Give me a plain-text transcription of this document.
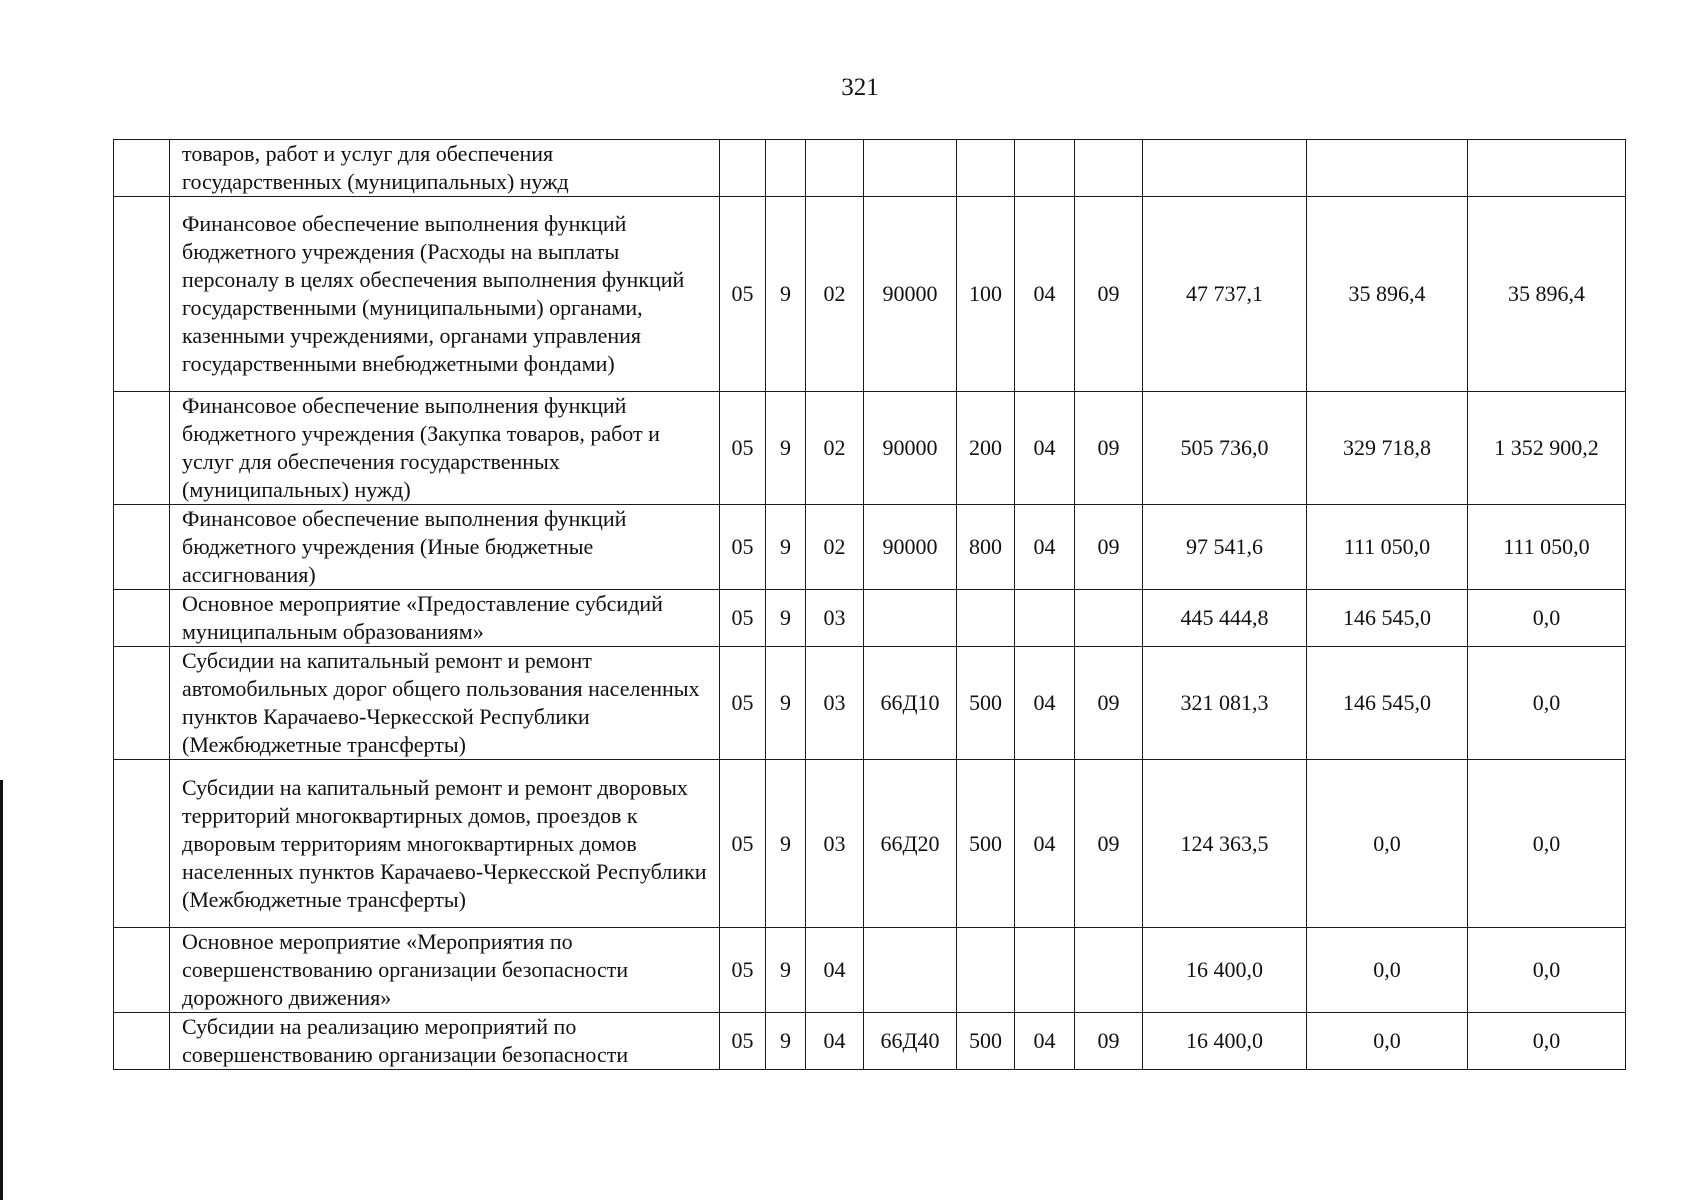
321
	товаров, работ и услуг для обеспечения государственных (муниципальных) нужд										
	Финансовое обеспечение выполнения функций бюджетного учреждения (Расходы на выплаты персоналу в целях обеспечения выполнения функций государственными (муниципальными) органами, казенными учреждениями, органами управления государственными внебюджетными фондами)	05	9	02	90000	100	04	09	47 737,1	35 896,4	35 896,4
	Финансовое обеспечение выполнения функций бюджетного учреждения (Закупка товаров, работ и услуг для обеспечения государственных (муниципальных) нужд)	05	9	02	90000	200	04	09	505 736,0	329 718,8	1 352 900,2
	Финансовое обеспечение выполнения функций бюджетного учреждения (Иные бюджетные ассигнования)	05	9	02	90000	800	04	09	97 541,6	111 050,0	111 050,0
	Основное мероприятие «Предоставление субсидий муниципальным образованиям»	05	9	03					445 444,8	146 545,0	0,0
	Субсидии на капитальный ремонт и ремонт автомобильных дорог общего пользования населенных пунктов Карачаево-Черкесской Республики (Межбюджетные трансферты)	05	9	03	66Д10	500	04	09	321 081,3	146 545,0	0,0
	Субсидии на капитальный ремонт и ремонт дворовых территорий многоквартирных домов, проездов к дворовым территориям многоквартирных домов населенных пунктов Карачаево-Черкесской Республики (Межбюджетные трансферты)	05	9	03	66Д20	500	04	09	124 363,5	0,0	0,0
	Основное мероприятие «Мероприятия по совершенствованию организации безопасности дорожного движения»	05	9	04					16 400,0	0,0	0,0
	Субсидии на реализацию мероприятий по совершенствованию организации безопасности	05	9	04	66Д40	500	04	09	16 400,0	0,0	0,0
